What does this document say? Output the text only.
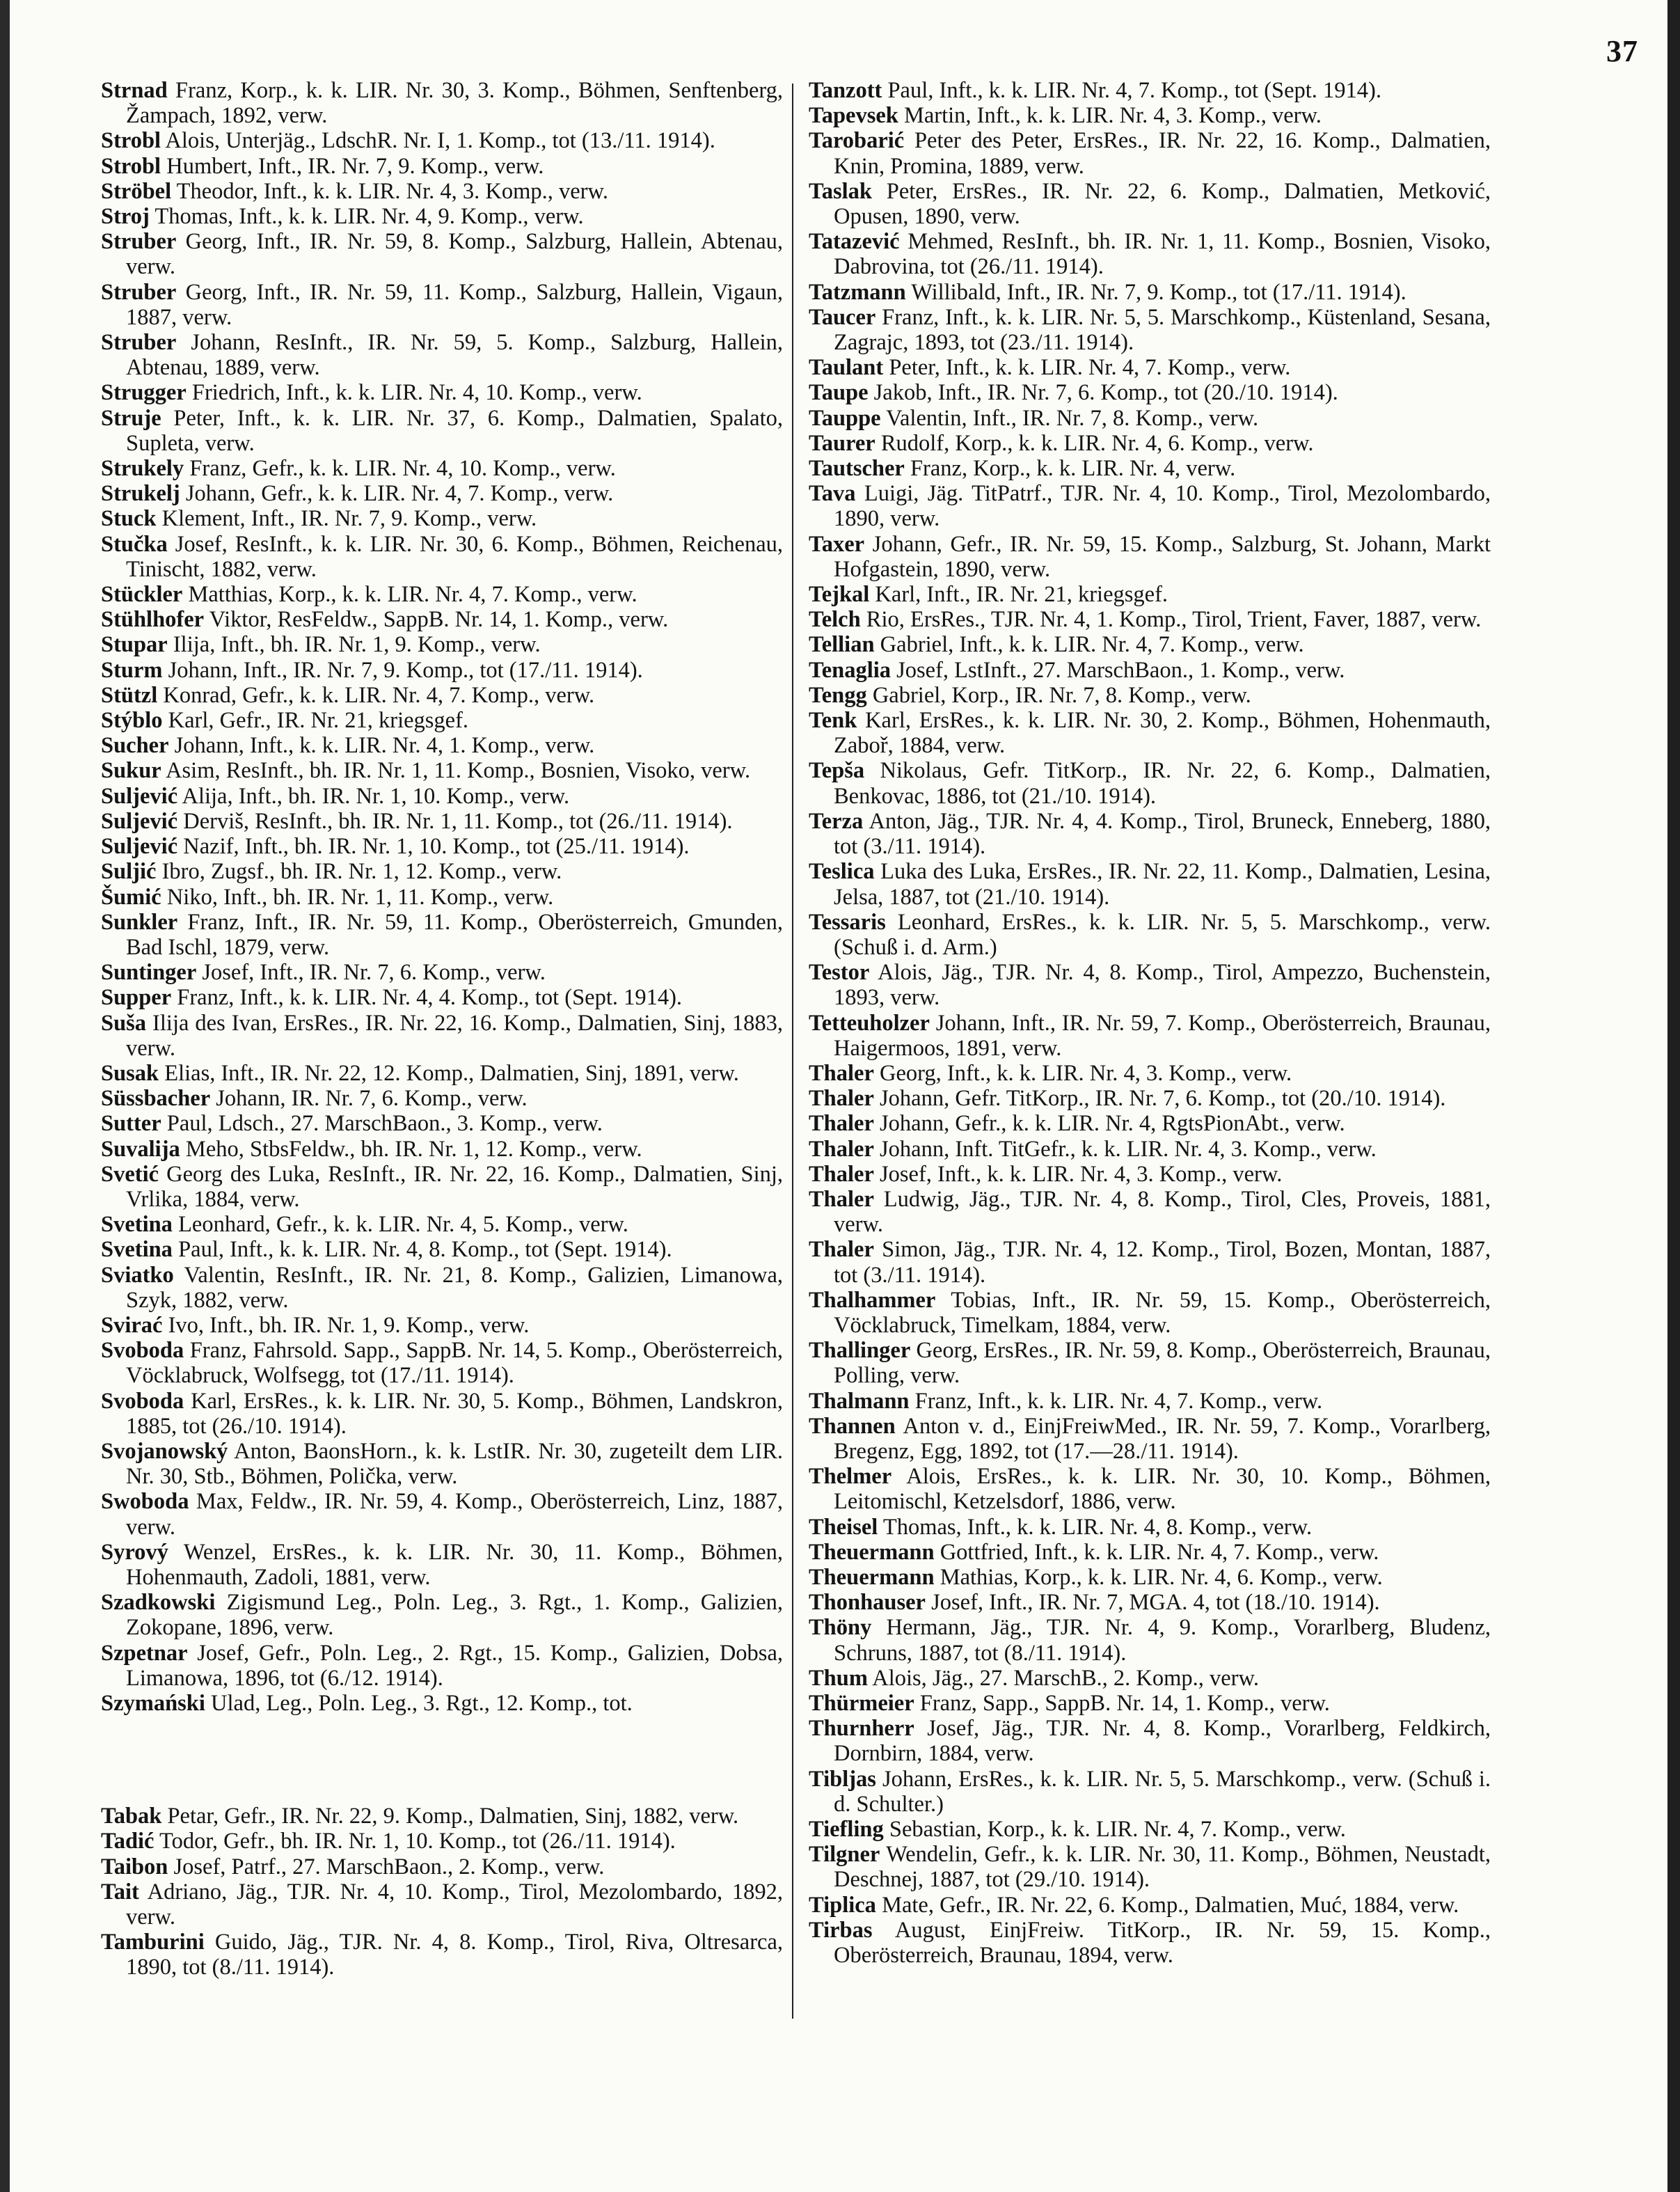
37
Strnad Franz, Korp., k. k. LIR. Nr. 30, 3. Komp., Böhmen, Senftenberg, Žampach, 1892, verw.
Strobl Alois, Unterjäg., LdschR. Nr. I, 1. Komp., tot (13./11. 1914).
Strobl Humbert, Inft., IR. Nr. 7, 9. Komp., verw.
Ströbel Theodor, Inft., k. k. LIR. Nr. 4, 3. Komp., verw.
Stroj Thomas, Inft., k. k. LIR. Nr. 4, 9. Komp., verw.
Struber Georg, Inft., IR. Nr. 59, 8. Komp., Salzburg, Hallein, Abtenau, verw.
Struber Georg, Inft., IR. Nr. 59, 11. Komp., Salzburg, Hallein, Vigaun, 1887, verw.
Struber Johann, ResInft., IR. Nr. 59, 5. Komp., Salzburg, Hallein, Abtenau, 1889, verw.
Strugger Friedrich, Inft., k. k. LIR. Nr. 4, 10. Komp., verw.
Struje Peter, Inft., k. k. LIR. Nr. 37, 6. Komp., Dalmatien, Spalato, Supleta, verw.
Strukely Franz, Gefr., k. k. LIR. Nr. 4, 10. Komp., verw.
Strukelj Johann, Gefr., k. k. LIR. Nr. 4, 7. Komp., verw.
Stuck Klement, Inft., IR. Nr. 7, 9. Komp., verw.
Stučka Josef, ResInft., k. k. LIR. Nr. 30, 6. Komp., Böhmen, Reichenau, Tinischt, 1882, verw.
Stückler Matthias, Korp., k. k. LIR. Nr. 4, 7. Komp., verw.
Stühlhofer Viktor, ResFeldw., SappB. Nr. 14, 1. Komp., verw.
Stupar Ilija, Inft., bh. IR. Nr. 1, 9. Komp., verw.
Sturm Johann, Inft., IR. Nr. 7, 9. Komp., tot (17./11. 1914).
Stützl Konrad, Gefr., k. k. LIR. Nr. 4, 7. Komp., verw.
Stýblo Karl, Gefr., IR. Nr. 21, kriegsgef.
Sucher Johann, Inft., k. k. LIR. Nr. 4, 1. Komp., verw.
Sukur Asim, ResInft., bh. IR. Nr. 1, 11. Komp., Bosnien, Visoko, verw.
Suljević Alija, Inft., bh. IR. Nr. 1, 10. Komp., verw.
Suljević Derviš, ResInft., bh. IR. Nr. 1, 11. Komp., tot (26./11. 1914).
Suljević Nazif, Inft., bh. IR. Nr. 1, 10. Komp., tot (25./11. 1914).
Suljić Ibro, Zugsf., bh. IR. Nr. 1, 12. Komp., verw.
Šumić Niko, Inft., bh. IR. Nr. 1, 11. Komp., verw.
Sunkler Franz, Inft., IR. Nr. 59, 11. Komp., Oberösterreich, Gmunden, Bad Ischl, 1879, verw.
Suntinger Josef, Inft., IR. Nr. 7, 6. Komp., verw.
Supper Franz, Inft., k. k. LIR. Nr. 4, 4. Komp., tot (Sept. 1914).
Suša Ilija des Ivan, ErsRes., IR. Nr. 22, 16. Komp., Dalmatien, Sinj, 1883, verw.
Susak Elias, Inft., IR. Nr. 22, 12. Komp., Dalmatien, Sinj, 1891, verw.
Süssbacher Johann, IR. Nr. 7, 6. Komp., verw.
Sutter Paul, Ldsch., 27. MarschBaon., 3. Komp., verw.
Suvalija Meho, StbsFeldw., bh. IR. Nr. 1, 12. Komp., verw.
Svetić Georg des Luka, ResInft., IR. Nr. 22, 16. Komp., Dalmatien, Sinj, Vrlika, 1884, verw.
Svetina Leonhard, Gefr., k. k. LIR. Nr. 4, 5. Komp., verw.
Svetina Paul, Inft., k. k. LIR. Nr. 4, 8. Komp., tot (Sept. 1914).
Sviatko Valentin, ResInft., IR. Nr. 21, 8. Komp., Galizien, Limanowa, Szyk, 1882, verw.
Svirać Ivo, Inft., bh. IR. Nr. 1, 9. Komp., verw.
Svoboda Franz, Fahrsold. Sapp., SappB. Nr. 14, 5. Komp., Oberösterreich, Vöcklabruck, Wolfsegg, tot (17./11. 1914).
Svoboda Karl, ErsRes., k. k. LIR. Nr. 30, 5. Komp., Böhmen, Landskron, 1885, tot (26./10. 1914).
Svojanowský Anton, BaonsHorn., k. k. LstIR. Nr. 30, zugeteilt dem LIR. Nr. 30, Stb., Böhmen, Polička, verw.
Swoboda Max, Feldw., IR. Nr. 59, 4. Komp., Oberösterreich, Linz, 1887, verw.
Syrový Wenzel, ErsRes., k. k. LIR. Nr. 30, 11. Komp., Böhmen, Hohenmauth, Zadoli, 1881, verw.
Szadkowski Zigismund Leg., Poln. Leg., 3. Rgt., 1. Komp., Galizien, Zokopane, 1896, verw.
Szpetnar Josef, Gefr., Poln. Leg., 2. Rgt., 15. Komp., Galizien, Dobsa, Limanowa, 1896, tot (6./12. 1914).
Szymański Ulad, Leg., Poln. Leg., 3. Rgt., 12. Komp., tot.
Tabak Petar, Gefr., IR. Nr. 22, 9. Komp., Dalmatien, Sinj, 1882, verw.
Tadić Todor, Gefr., bh. IR. Nr. 1, 10. Komp., tot (26./11. 1914).
Taibon Josef, Patrf., 27. MarschBaon., 2. Komp., verw.
Tait Adriano, Jäg., TJR. Nr. 4, 10. Komp., Tirol, Mezolombardo, 1892, verw.
Tamburini Guido, Jäg., TJR. Nr. 4, 8. Komp., Tirol, Riva, Oltresarca, 1890, tot (8./11. 1914).
Tanzott Paul, Inft., k. k. LIR. Nr. 4, 7. Komp., tot (Sept. 1914).
Tapevsek Martin, Inft., k. k. LIR. Nr. 4, 3. Komp., verw.
Tarobarić Peter des Peter, ErsRes., IR. Nr. 22, 16. Komp., Dalmatien, Knin, Promina, 1889, verw.
Taslak Peter, ErsRes., IR. Nr. 22, 6. Komp., Dalmatien, Metković, Opusen, 1890, verw.
Tatazević Mehmed, ResInft., bh. IR. Nr. 1, 11. Komp., Bosnien, Visoko, Dabrovina, tot (26./11. 1914).
Tatzmann Willibald, Inft., IR. Nr. 7, 9. Komp., tot (17./11. 1914).
Taucer Franz, Inft., k. k. LIR. Nr. 5, 5. Marschkomp., Küstenland, Sesana, Zagrajc, 1893, tot (23./11. 1914).
Taulant Peter, Inft., k. k. LIR. Nr. 4, 7. Komp., verw.
Taupe Jakob, Inft., IR. Nr. 7, 6. Komp., tot (20./10. 1914).
Tauppe Valentin, Inft., IR. Nr. 7, 8. Komp., verw.
Taurer Rudolf, Korp., k. k. LIR. Nr. 4, 6. Komp., verw.
Tautscher Franz, Korp., k. k. LIR. Nr. 4, verw.
Tava Luigi, Jäg. TitPatrf., TJR. Nr. 4, 10. Komp., Tirol, Mezolombardo, 1890, verw.
Taxer Johann, Gefr., IR. Nr. 59, 15. Komp., Salzburg, St. Johann, Markt Hofgastein, 1890, verw.
Tejkal Karl, Inft., IR. Nr. 21, kriegsgef.
Telch Rio, ErsRes., TJR. Nr. 4, 1. Komp., Tirol, Trient, Faver, 1887, verw.
Tellian Gabriel, Inft., k. k. LIR. Nr. 4, 7. Komp., verw.
Tenaglia Josef, LstInft., 27. MarschBaon., 1. Komp., verw.
Tengg Gabriel, Korp., IR. Nr. 7, 8. Komp., verw.
Tenk Karl, ErsRes., k. k. LIR. Nr. 30, 2. Komp., Böhmen, Hohenmauth, Zaboř, 1884, verw.
Tepša Nikolaus, Gefr. TitKorp., IR. Nr. 22, 6. Komp., Dalmatien, Benkovac, 1886, tot (21./10. 1914).
Terza Anton, Jäg., TJR. Nr. 4, 4. Komp., Tirol, Bruneck, Enneberg, 1880, tot (3./11. 1914).
Teslica Luka des Luka, ErsRes., IR. Nr. 22, 11. Komp., Dalmatien, Lesina, Jelsa, 1887, tot (21./10. 1914).
Tessaris Leonhard, ErsRes., k. k. LIR. Nr. 5, 5. Marschkomp., verw. (Schuß i. d. Arm.)
Testor Alois, Jäg., TJR. Nr. 4, 8. Komp., Tirol, Ampezzo, Buchenstein, 1893, verw.
Tetteuholzer Johann, Inft., IR. Nr. 59, 7. Komp., Oberösterreich, Braunau, Haigermoos, 1891, verw.
Thaler Georg, Inft., k. k. LIR. Nr. 4, 3. Komp., verw.
Thaler Johann, Gefr. TitKorp., IR. Nr. 7, 6. Komp., tot (20./10. 1914).
Thaler Johann, Gefr., k. k. LIR. Nr. 4, RgtsPionAbt., verw.
Thaler Johann, Inft. TitGefr., k. k. LIR. Nr. 4, 3. Komp., verw.
Thaler Josef, Inft., k. k. LIR. Nr. 4, 3. Komp., verw.
Thaler Ludwig, Jäg., TJR. Nr. 4, 8. Komp., Tirol, Cles, Proveis, 1881, verw.
Thaler Simon, Jäg., TJR. Nr. 4, 12. Komp., Tirol, Bozen, Montan, 1887, tot (3./11. 1914).
Thalhammer Tobias, Inft., IR. Nr. 59, 15. Komp., Oberösterreich, Vöcklabruck, Timelkam, 1884, verw.
Thallinger Georg, ErsRes., IR. Nr. 59, 8. Komp., Oberösterreich, Braunau, Polling, verw.
Thalmann Franz, Inft., k. k. LIR. Nr. 4, 7. Komp., verw.
Thannen Anton v. d., EinjFreiwMed., IR. Nr. 59, 7. Komp., Vorarlberg, Bregenz, Egg, 1892, tot (17.—28./11. 1914).
Thelmer Alois, ErsRes., k. k. LIR. Nr. 30, 10. Komp., Böhmen, Leitomischl, Ketzelsdorf, 1886, verw.
Theisel Thomas, Inft., k. k. LIR. Nr. 4, 8. Komp., verw.
Theuermann Gottfried, Inft., k. k. LIR. Nr. 4, 7. Komp., verw.
Theuermann Mathias, Korp., k. k. LIR. Nr. 4, 6. Komp., verw.
Thonhauser Josef, Inft., IR. Nr. 7, MGA. 4, tot (18./10. 1914).
Thöny Hermann, Jäg., TJR. Nr. 4, 9. Komp., Vorarlberg, Bludenz, Schruns, 1887, tot (8./11. 1914).
Thum Alois, Jäg., 27. MarschB., 2. Komp., verw.
Thürmeier Franz, Sapp., SappB. Nr. 14, 1. Komp., verw.
Thurnherr Josef, Jäg., TJR. Nr. 4, 8. Komp., Vorarlberg, Feldkirch, Dornbirn, 1884, verw.
Tibljas Johann, ErsRes., k. k. LIR. Nr. 5, 5. Marschkomp., verw. (Schuß i. d. Schulter.)
Tiefling Sebastian, Korp., k. k. LIR. Nr. 4, 7. Komp., verw.
Tilgner Wendelin, Gefr., k. k. LIR. Nr. 30, 11. Komp., Böhmen, Neustadt, Deschnej, 1887, tot (29./10. 1914).
Tiplica Mate, Gefr., IR. Nr. 22, 6. Komp., Dalmatien, Muć, 1884, verw.
Tirbas August, EinjFreiw. TitKorp., IR. Nr. 59, 15. Komp., Oberösterreich, Braunau, 1894, verw.
